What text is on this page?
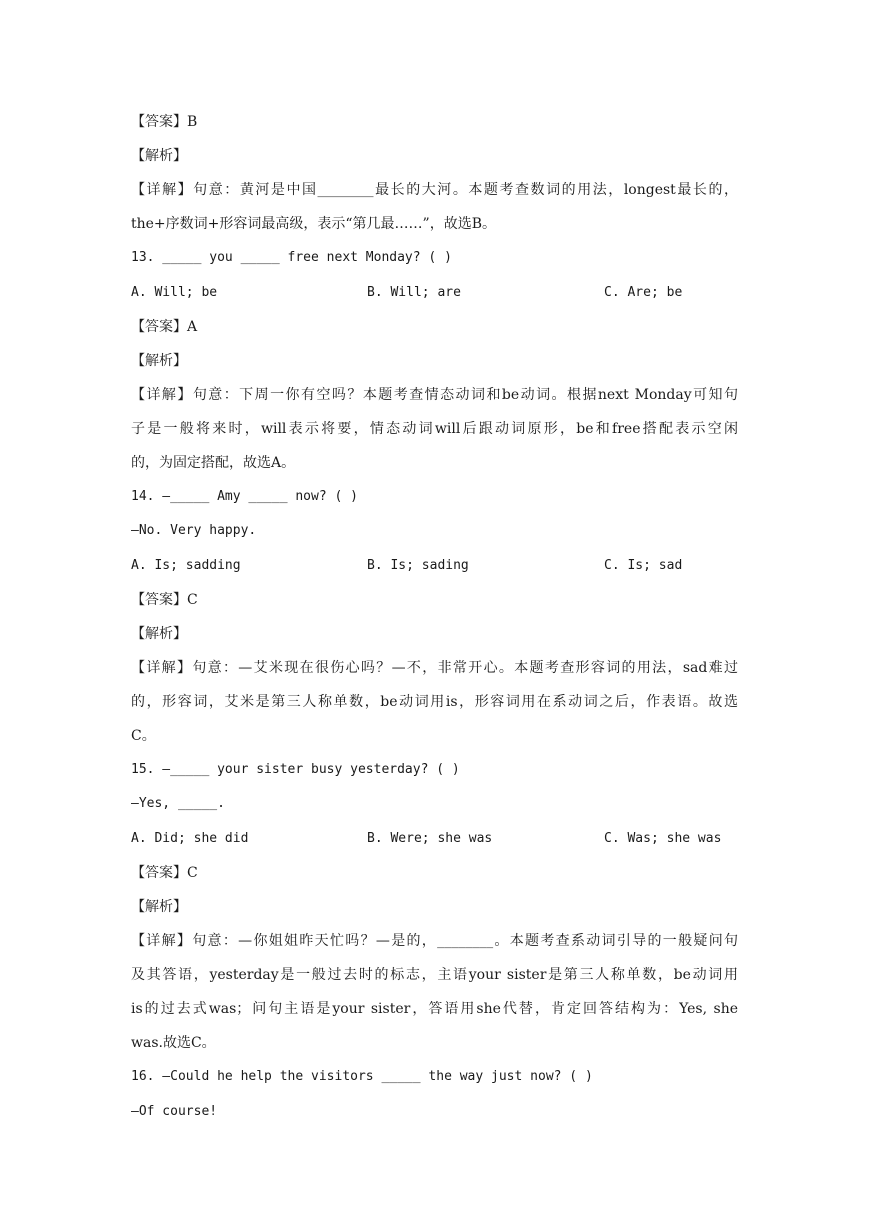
【答案】B
【解析】
【详解】句意：黄河是中国________最长的大河。本题考查数词的用法，longest最长的，
the+序数词+形容词最高级，表示“第几最……”，故选B。
13. _____ you _____ free next Monday? ( )
A. Will; be	B. Will; are	C. Are; be
【答案】A
【解析】
【详解】句意：下周一你有空吗？本题考查情态动词和be动词。根据next Monday可知句
子是一般将来时，will表示将要，情态动词will后跟动词原形，be和free搭配表示空闲
的，为固定搭配，故选A。
14. —_____ Amy _____ now? ( )
—No. Very happy.
A. Is; sadding	B. Is; sading	C. Is; sad
【答案】C
【解析】
【详解】句意：—艾米现在很伤心吗？—不，非常开心。本题考查形容词的用法，sad难过
的，形容词，艾米是第三人称单数，be动词用is，形容词用在系动词之后，作表语。故选
C。
15. —_____ your sister busy yesterday? ( )
—Yes, _____.
A. Did; she did	B. Were; she was	C. Was; she was
【答案】C
【解析】
【详解】句意：—你姐姐昨天忙吗？—是的，________。本题考查系动词引导的一般疑问句
及其答语，yesterday是一般过去时的标志，主语your sister是第三人称单数，be动词用
is的过去式was；问句主语是your sister，答语用she代替，肯定回答结构为：Yes, she
was.故选C。
16. —Could he help the visitors _____ the way just now? ( )
—Of course!
